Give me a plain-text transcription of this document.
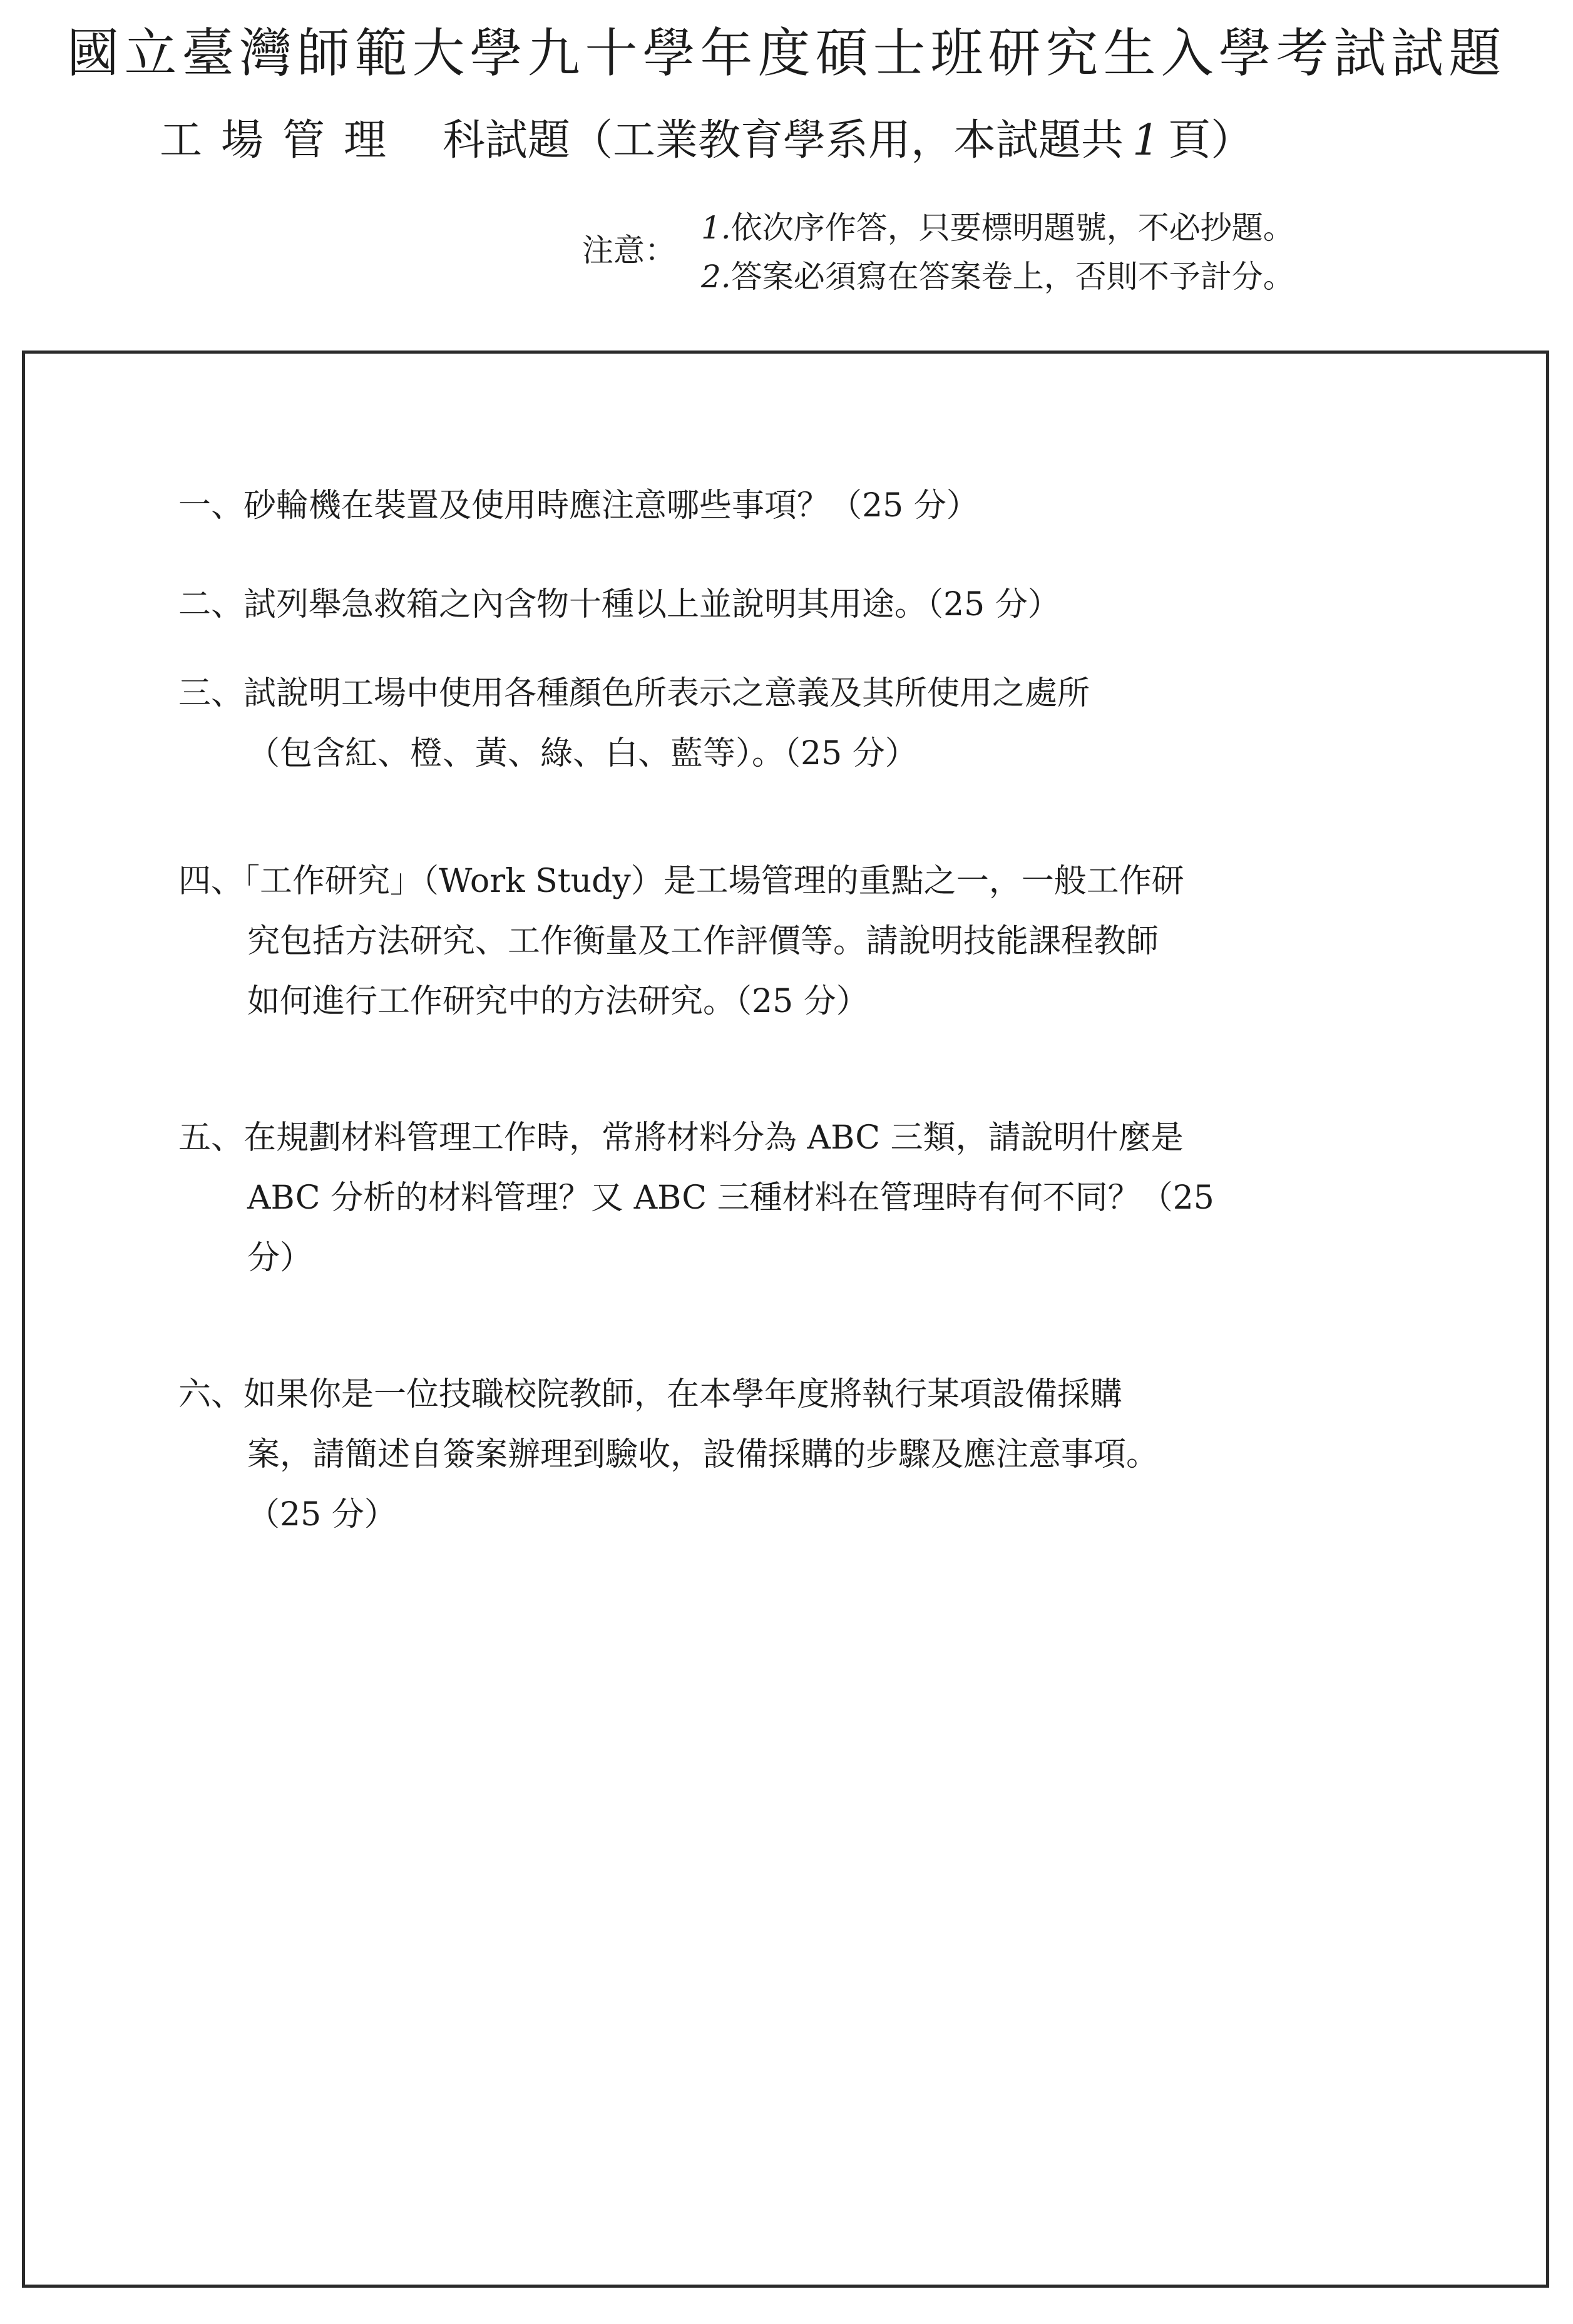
國立臺灣師範大學九十學年度碩士班研究生入學考試試題
工場管理 科試題（工業教育學系用，本試題共 1 頁）
注意：
1.依次序作答，只要標明題號，不必抄題。
2.答案必須寫在答案卷上，否則不予計分。
一、砂輪機在裝置及使用時應注意哪些事項？（25 分）
二、試列舉急救箱之內含物十種以上並說明其用途。（25 分）
三、試說明工場中使用各種顏色所表示之意義及其所使用之處所
（包含紅、橙、黃、綠、白、藍等）。（25 分）
四、「工作研究」（Work Study）是工場管理的重點之一，一般工作研
究包括方法研究、工作衡量及工作評價等。請說明技能課程教師
如何進行工作研究中的方法研究。（25 分）
五、在規劃材料管理工作時，常將材料分為 ABC 三類，請說明什麼是
ABC 分析的材料管理？又 ABC 三種材料在管理時有何不同？（25
分）
六、如果你是一位技職校院教師，在本學年度將執行某項設備採購
案，請簡述自簽案辦理到驗收，設備採購的步驟及應注意事項。
（25 分）
